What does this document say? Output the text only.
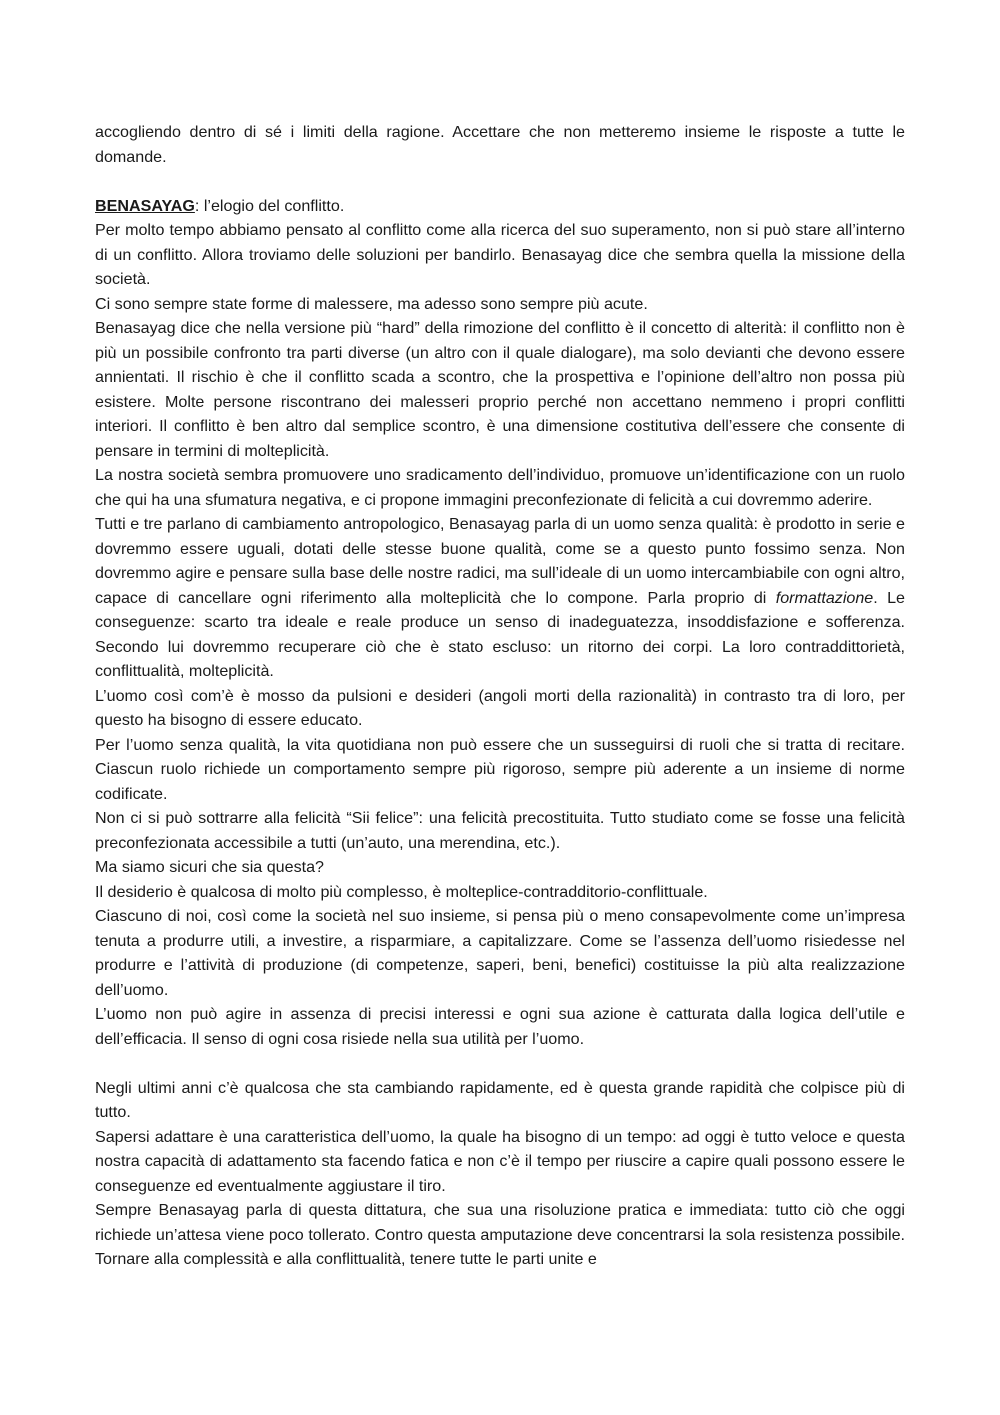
accogliendo dentro di sé i limiti della ragione. Accettare che non metteremo insieme le risposte a tutte le domande.

BENASAYAG: l’elogio del conflitto.

Per molto tempo abbiamo pensato al conflitto come alla ricerca del suo superamento, non si può stare all’interno di un conflitto. Allora troviamo delle soluzioni per bandirlo. Benasayag dice che sembra quella la missione della società.

Ci sono sempre state forme di malessere, ma adesso sono sempre più acute.

Benasayag dice che nella versione più “hard” della rimozione del conflitto è il concetto di alterità: il conflitto non è più un possibile confronto tra parti diverse (un altro con il quale dialogare), ma solo devianti che devono essere annientati. Il rischio è che il conflitto scada a scontro, che la prospettiva e l’opinione dell’altro non possa più esistere. Molte persone riscontrano dei malesseri proprio perché non accettano nemmeno i propri conflitti interiori. Il conflitto è ben altro dal semplice scontro, è una dimensione costitutiva dell’essere che consente di pensare in termini di molteplicità.

La nostra società sembra promuovere uno sradicamento dell’individuo, promuove un’identificazione con un ruolo che qui ha una sfumatura negativa, e ci propone immagini preconfezionate di felicità a cui dovremmo aderire.

Tutti e tre parlano di cambiamento antropologico, Benasayag parla di un uomo senza qualità: è prodotto in serie e dovremmo essere uguali, dotati delle stesse buone qualità, come se a questo punto fossimo senza. Non dovremmo agire e pensare sulla base delle nostre radici, ma sull’ideale di un uomo intercambiabile con ogni altro, capace di cancellare ogni riferimento alla molteplicità che lo compone. Parla proprio di formattazione. Le conseguenze: scarto tra ideale e reale produce un senso di inadeguatezza, insoddisfazione e sofferenza. Secondo lui dovremmo recuperare ciò che è stato escluso: un ritorno dei corpi. La loro contraddittorietà, conflittualità, molteplicità.

L’uomo così com’è è mosso da pulsioni e desideri (angoli morti della razionalità) in contrasto tra di loro, per questo ha bisogno di essere educato.

Per l’uomo senza qualità, la vita quotidiana non può essere che un susseguirsi di ruoli che si tratta di recitare. Ciascun ruolo richiede un comportamento sempre più rigoroso, sempre più aderente a un insieme di norme codificate.

Non ci si può sottrarre alla felicità “Sii felice”: una felicità precostituita. Tutto studiato come se fosse una felicità preconfezionata accessibile a tutti (un’auto, una merendina, etc.).

Ma siamo sicuri che sia questa?

Il desiderio è qualcosa di molto più complesso, è molteplice-contradditorio-conflittuale.

Ciascuno di noi, così come la società nel suo insieme, si pensa più o meno consapevolmente come un’impresa tenuta a produrre utili, a investire, a risparmiare, a capitalizzare. Come se l’assenza dell’uomo risiedesse nel produrre e l’attività di produzione (di competenze, saperi, beni, benefici) costituisse la più alta realizzazione dell’uomo.

L’uomo non può agire in assenza di precisi interessi e ogni sua azione è catturata dalla logica dell’utile e dell’efficacia. Il senso di ogni cosa risiede nella sua utilità per l’uomo.

Negli ultimi anni c’è qualcosa che sta cambiando rapidamente, ed è questa grande rapidità che colpisce più di tutto.

Sapersi adattare è una caratteristica dell’uomo, la quale ha bisogno di un tempo: ad oggi è tutto veloce e questa nostra capacità di adattamento sta facendo fatica e non c’è il tempo per riuscire a capire quali possono essere le conseguenze ed eventualmente aggiustare il tiro.

Sempre Benasayag parla di questa dittatura, che sua una risoluzione pratica e immediata: tutto ciò che oggi richiede un’attesa viene poco tollerato. Contro questa amputazione deve concentrarsi la sola resistenza possibile. Tornare alla complessità e alla conflittualità, tenere tutte le parti unite e
